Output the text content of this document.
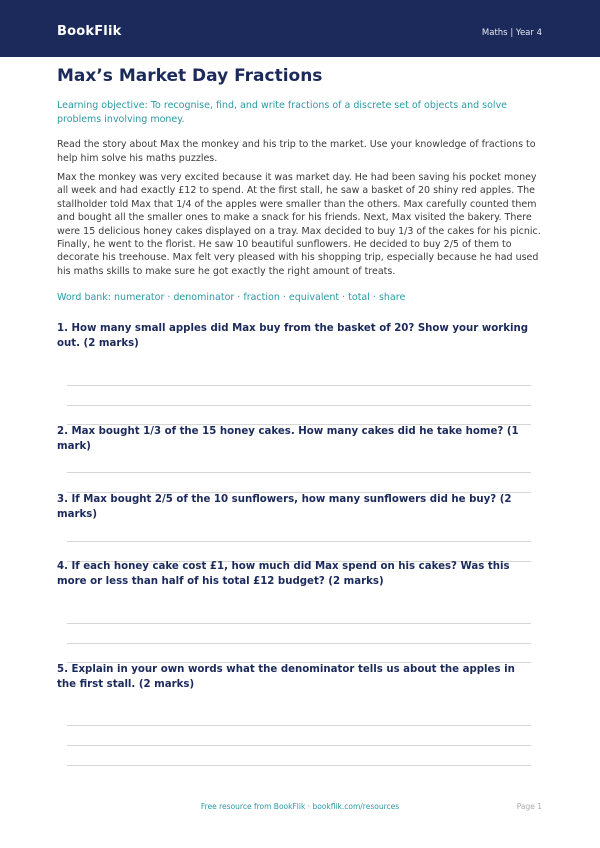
BookFlik	Maths | Year 4
Max’s Market Day Fractions
Learning objective: To recognise, find, and write fractions of a discrete set of objects and solve problems involving money.
Read the story about Max the monkey and his trip to the market. Use your knowledge of fractions to help him solve his maths puzzles.
Max the monkey was very excited because it was market day. He had been saving his pocket money all week and had exactly £12 to spend. At the first stall, he saw a basket of 20 shiny red apples. The stallholder told Max that 1/4 of the apples were smaller than the others. Max carefully counted them and bought all the smaller ones to make a snack for his friends. Next, Max visited the bakery. There were 15 delicious honey cakes displayed on a tray. Max decided to buy 1/3 of the cakes for his picnic. Finally, he went to the florist. He saw 10 beautiful sunflowers. He decided to buy 2/5 of them to decorate his treehouse. Max felt very pleased with his shopping trip, especially because he had used his maths skills to make sure he got exactly the right amount of treats.
Word bank: numerator · denominator · fraction · equivalent · total · share
1. How many small apples did Max buy from the basket of 20? Show your working out. (2 marks)
2. Max bought 1/3 of the 15 honey cakes. How many cakes did he take home? (1 mark)
3. If Max bought 2/5 of the 10 sunflowers, how many sunflowers did he buy? (2 marks)
4. If each honey cake cost £1, how much did Max spend on his cakes? Was this more or less than half of his total £12 budget? (2 marks)
5. Explain in your own words what the denominator tells us about the apples in the first stall. (2 marks)
Free resource from BookFlik · bookflik.com/resources	Page 1
